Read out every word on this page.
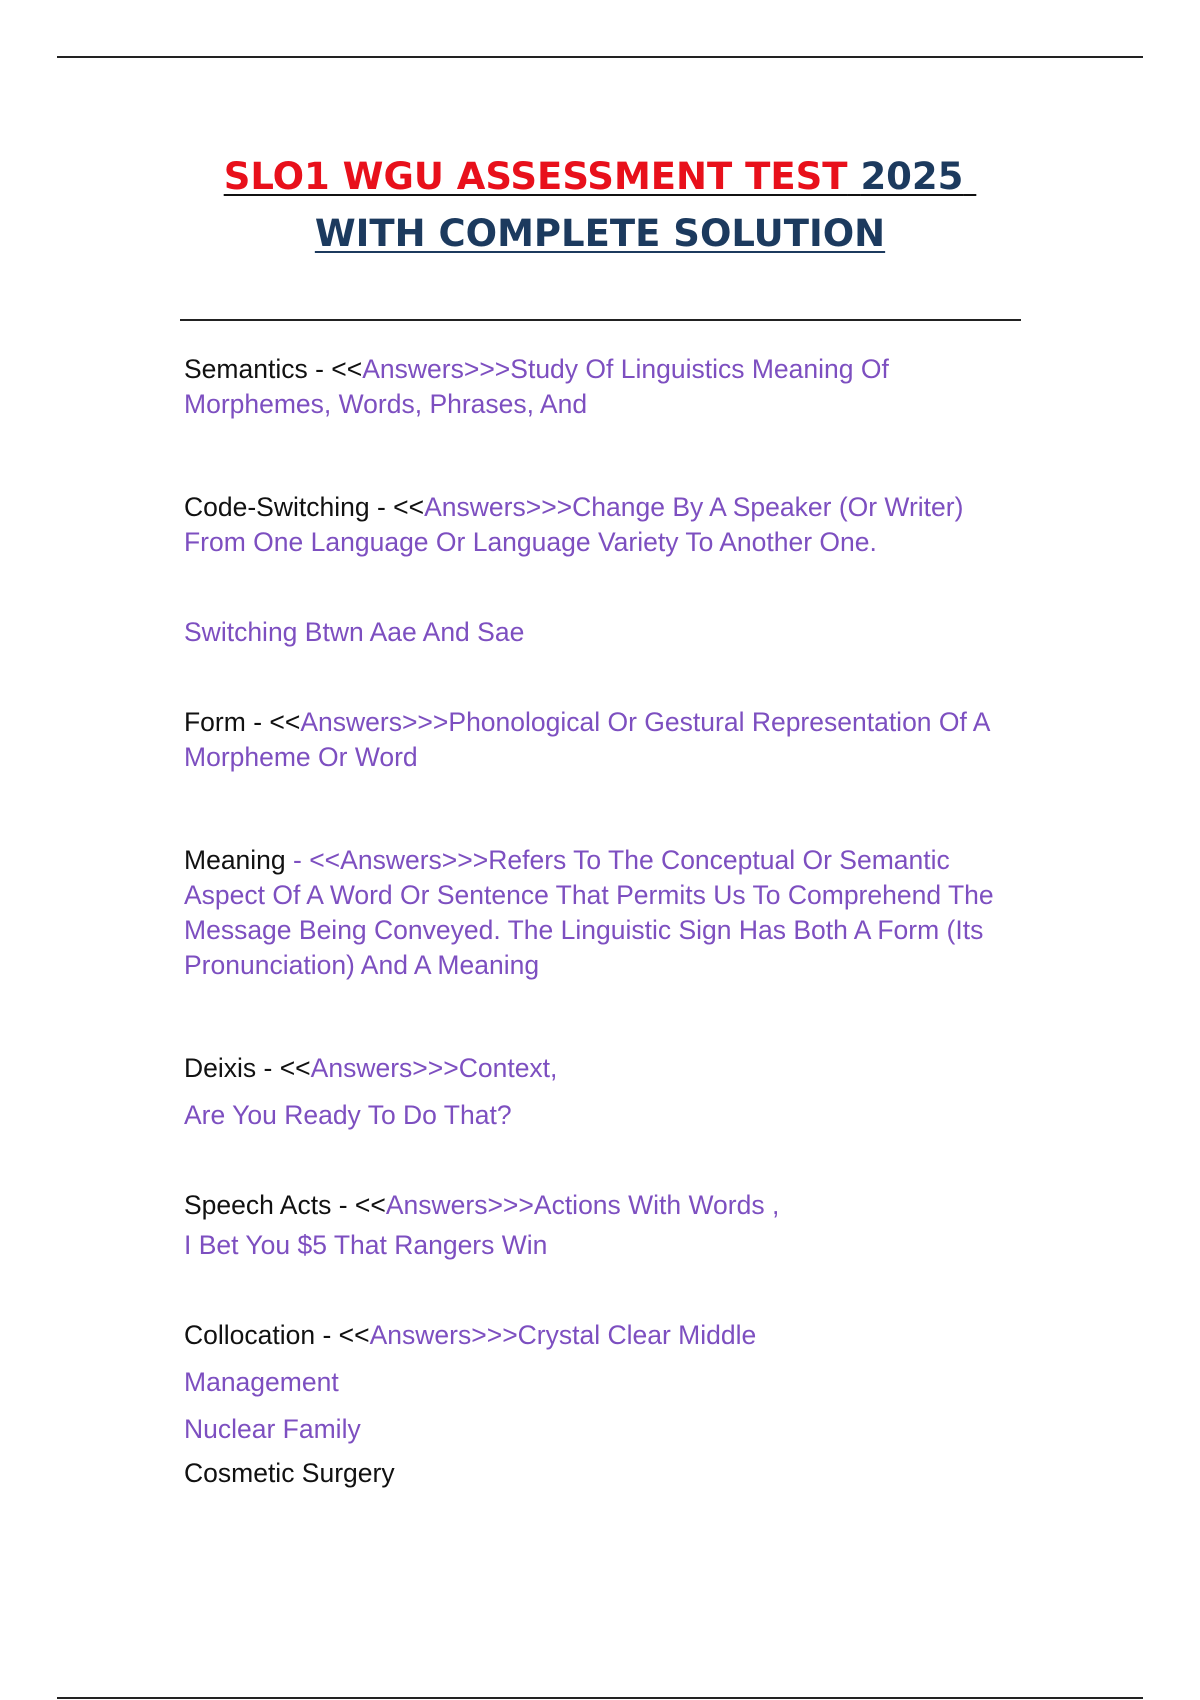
SLO1 WGU ASSESSMENT TEST 2025
WITH COMPLETE SOLUTION

Semantics - <<Answers>>>Study Of Linguistics Meaning Of Morphemes, Words, Phrases, And

Code-Switching - <<Answers>>>Change By A Speaker (Or Writer) From One Language Or Language Variety To Another One.

Switching Btwn Aae And Sae

Form - <<Answers>>>Phonological Or Gestural Representation Of A Morpheme Or Word

Meaning - <<Answers>>>Refers To The Conceptual Or Semantic Aspect Of A Word Or Sentence That Permits Us To Comprehend The Message Being Conveyed. The Linguistic Sign Has Both A Form (Its Pronunciation) And A Meaning

Deixis - <<Answers>>>Context,

Are You Ready To Do That?

Speech Acts - <<Answers>>>Actions With Words ,

I Bet You $5 That Rangers Win

Collocation - <<Answers>>>Crystal Clear Middle

Management

Nuclear Family

Cosmetic Surgery
